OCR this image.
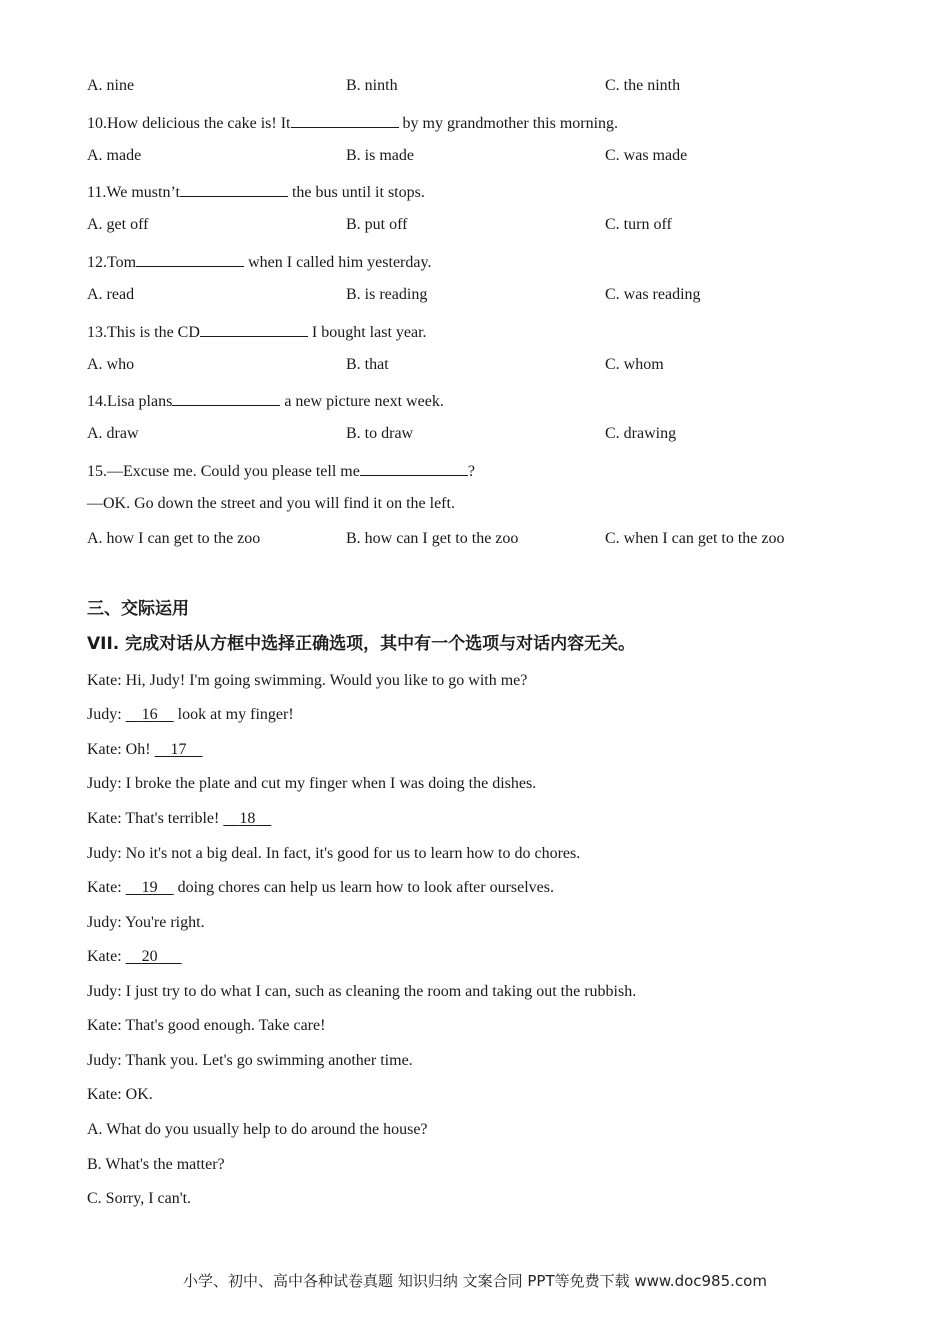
A. nine	B. ninth	C. the ninth
10.How delicious the cake is! It	by my grandmother this morning.
A. made	B. is made	C. was made
11.We mustn’t	the bus until it stops.
A. get off	B. put off	C. turn off
12.Tom	when I called him yesterday.
A. read	B. is reading	C. was reading
13.This is the CD	I bought last year.
A. who	B. that	C. whom
14.Lisa plans	a new picture next week.
A. draw	B. to draw	C. drawing
15.—Excuse me. Could you please tell me	?
—OK. Go down the street and you will find it on the left.
A. how I can get to the zoo	B. how can I get to the zoo	C. when I can get to the zoo
三、交际运用
VII. 完成对话从方框中选择正确选项，其中有一个选项与对话内容无关。
Kate: Hi, Judy! I'm going swimming. Would you like to go with me?
Judy:     16     look at my finger!
Kate: Oh!     17
Judy: I broke the plate and cut my finger when I was doing the dishes.
Kate: That's terrible!     18
Judy: No it's not a big deal. In fact, it's good for us to learn how to do chores.
Kate:     19     doing chores can help us learn how to look after ourselves.
Judy: You're right.
Kate:     20
Judy: I just try to do what I can, such as cleaning the room and taking out the rubbish.
Kate: That's good enough. Take care!
Judy: Thank you. Let's go swimming another time.
Kate: OK.
A. What do you usually help to do around the house?
B. What's the matter?
C. Sorry, I can't.
小学、初中、高中各种试卷真题 知识归纳 文案合同 PPT等免费下载 www.doc985.com
